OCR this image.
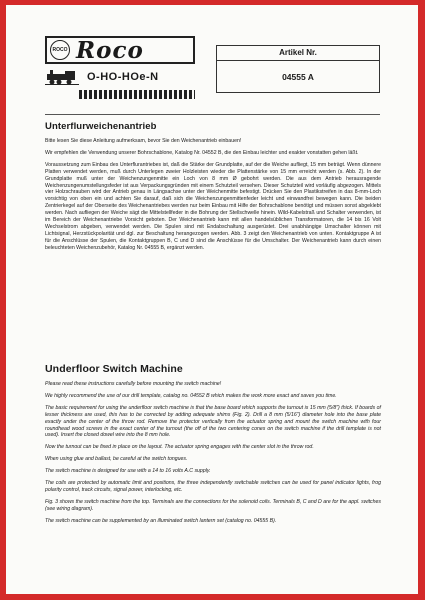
ROCO Roco
O-HO-HOe-N
Artikel Nr.
04555 A
Unterflurweichenantrieb

Bitte lesen Sie diese Anleitung aufmerksam, bevor Sie den Weichenantrieb einbauen!

Wir empfehlen die Verwendung unserer Bohrschablone, Katalog Nr. 04552 B, die den Einbau leichter und exakter vonstatten gehen läßt.

Voraussetzung zum Einbau des Unterflurantriebes ist, daß die Stärke der Grundplatte, auf der die Weiche aufliegt, 15 mm beträgt. Wenn dünnere Platten verwendet werden, muß durch Unterlegen zweier Holzleisten wieder die Plattenstärke von 15 mm erreicht werden (s. Abb. 2). In der Grundplatte muß unter der Weichenzungenmitte ein Loch von 8 mm Ø gebohrt werden. Die aus dem Antrieb herausragende Weichenzungenumstellungsfeder ist aus Verpackungsgründen mit einem Schutzteil versehen. Dieser Schutzteil wird vorläufig abgezogen. Mittels vier Holzschrauben wird der Antrieb genau in Längsachse unter der Weichenmitte befestigt. Drücken Sie den Plastikstreifen in das 8-mm-Loch vorsichtig von oben ein und achten Sie darauf, daß sich die Weichenzungenmittenfeder leicht und einwandfrei bewegen kann. Die beiden Zentrierkegel auf der Oberseite des Weichenantriebes werden nur beim Einbau mit Hilfe der Bohrschablone benötigt und müssen sonst abgeklebt werden. Nach aufliegen der Weiche sägt die Mittelstellfeder in die Bohrung der Stellschwelle hinein. Wild-Kabelstraß und Schalter verwenden, ist im Bereich der Weichenantriebe Vorsicht geboten. Der Weichenantrieb kann mit allen handelsüblichen Transformatoren, die 14 bis 16 Volt Wechselstrom abgeben, verwendet werden. Die Spulen sind mit Endabschaltung ausgerüstet. Drei unabhängige Umschalter können mit Lichtsignal, Herzstückpolarität und dgl. zur Beschaltung herangezogen werden. Abb. 3 zeigt den Weichenantrieb von unten. Kontaktgruppe A ist für die Anschlüsse der Spulen, die Kontaktgruppen B, C und D sind die Anschlüsse für die Umschalter. Der Weichenantrieb kann durch einen beleuchteten Weichenzubehör, Katalog Nr. 04555 B, ergänzt werden.

Underfloor Switch Machine

Please read these instructions carefully before mounting the switch machine!

We highly recommend the use of our drill template, catalog no. 04552 B which makes the work more exact and saves you time.

The basic requirement for using the underfloor switch machine is that the base board which supports the turnout is 15 mm (5/8") thick. If boards of lesser thickness are used, this has to be corrected by adding adequate shims (Fig. 2). Drill a 8 mm (5/16") diameter hole into the base plate exactly under the center of the throw rod. Remove the protector vertically from the actuator spring and mount the switch machine with four roundhead wood screws in the exact center of the turnout (the off of the two centering cones on the switch machine if the drill template is not used). Insert the closed dowel wire into the 8 mm hole.

Now the turnout can be fixed in place on the layout. The actuator spring engages with the center slot in the throw rod.

When using glue and ballast, be careful at the switch tongues.

The switch machine is designed for use with a 14 to 16 volts A.C supply.

The coils are protected by automatic limit and positions, the three independently switchable switches can be used for panel indicator lights, frog polarity control, track circuits, signal power, interlocking, etc.

Fig. 3 shows the switch machine from the top. Terminals are the connections for the solenoid coils. Terminals B, C and D are for the appl. switches (see wiring diagram).

The switch machine can be supplemented by an illuminated switch lantern set (catalog no. 04555 B).
